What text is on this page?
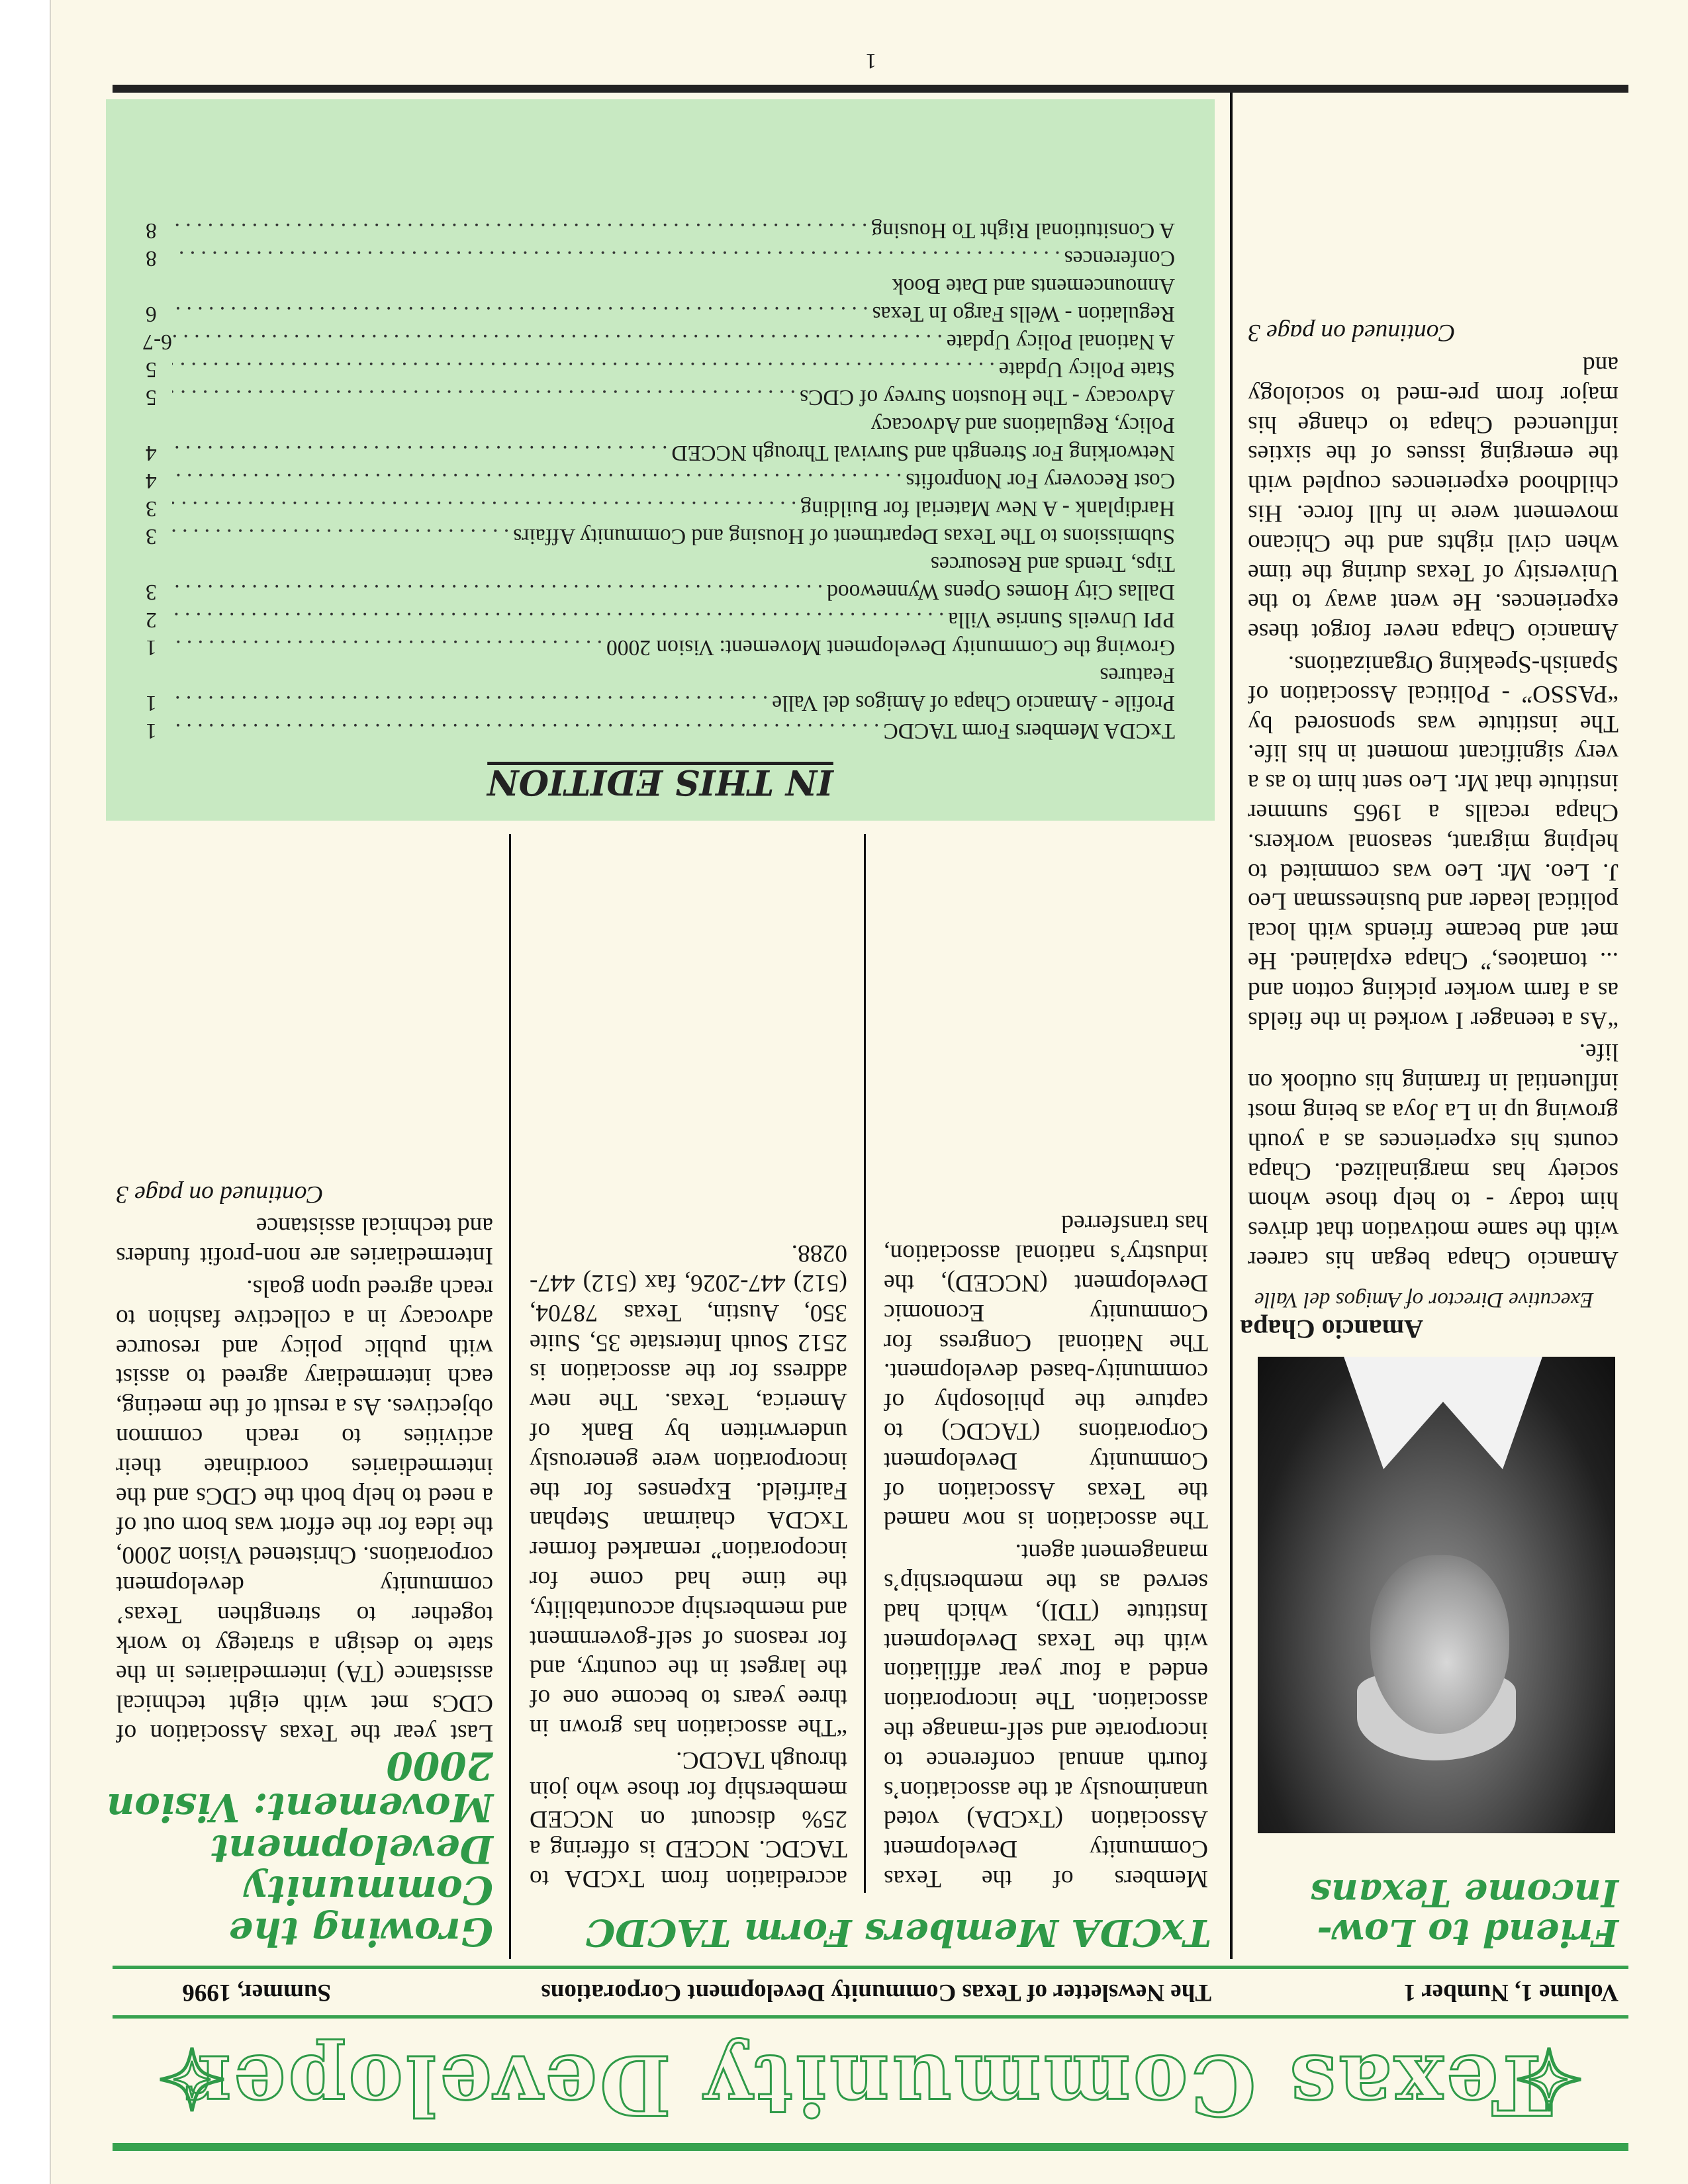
Texas Community Developer
Volume 1, Number 1
The Newsletter of Texas Community Development Corporations
Summer, 1996
Friend to Low-Income Texans
Amancio Chapa
Executive Director of Amigos del Valle

Amancio Chapa began his career with the same motivation that drives him today - to help those whom society has marginalized. Chapa counts his experiences as a youth growing up in La Joya as being most influential in framing his outlook on life.

“As a teenager I worked in the fields as a farm worker picking cotton and ... tomatoes,” Chapa explained. He met and became friends with local political leader and businessman Leo J. Leo. Mr. Leo was commited to helping migrant, seasonal workers. Chapa recalls a 1965 summer institute that Mr. Leo sent him to as a very significant moment in his life. The institute was sponsored by “PASSO” - Political Association of Spanish-Speaking Organizations.

Amancio Chapa never forgot these experiences. He went away to the University of Texas during the time when civil rights and the Chicano movement were in full force. His childhood experiences coupled with the emerging issues of the sixties influenced Chapa to change his major from pre-med to sociology and

Continued on page 3
TxCDA Members Form TACDC

Members of the Texas Community Development Association (TxCDA) voted unanimously at the association’s fourth annual conference to incorporate and self-manage the association. The incorporation ended a four year affiliation with the Texas Development Institute (TDI), which had served as the membership’s management agent.

The association is now named the Texas Association of Community Development Corporations (TACDC) to capture the philosophy of community-based development. The National Congress for Community Economic Development (NCCED), the industry’s national association, has transferred

accrediation from TxCDA to TACDC. NCCED is offering a 25% discount on NCCED membership for those who join through TACDC.

“The association has grown in three years to become one of the largest in the country, and for reasons of self-government and membership accountability, the time had come for incoporation” remarked former TxCDA chairman Stephan Fairfield. Expenses for the incorporation were generously underwritten by Bank of America, Texas. The new address for the association is 2512 South Interstate 35, Suite 350, Austin, Texas 78704, (512) 447-2026, fax (512) 447-0288.

Growing the Community Development Movement: Vision 2000

Last year the Texas Association of CDCs met with eight technical assistance (TA) intermediaries in the state to design a strategy to work together to strengthen Texas’ community development corporations. Christened Vision 2000, the idea for the effort was born out of a need to help both the CDCs and the intermediaries coordinate their activities to reach common objectives. As a result of the meeting, each intermediary agreed to assist with public policy and resource advocacy in a collective fashion to reach agreed upon goals.

Intermediaries are non-profit funders and technical assistance

Continued on page 3
IN THIS EDITION
TxCDA Members Form TACDC
. . .
1
Profile - Amancio Chapa of Amigos del Valle
. . .
1
Features
Growing the Community Development Movement: Vision 2000
. . .
1
PPI Unveils Sunrise Villa
. . .
2
Dallas City Homes Opens Wynnewood
. . .
3
Tips, Trends and Resources
Submissions to The Texas Department of Housing and Community Affairs
. . .
3
Hardiplank - A New Material for Building
. . .
3
Cost Recovery For Nonprofits
. . .
4
Networking For Strength and Survival Through NCCED
. . .
4
Policy, Regulations and Advocacy
Advocacy - The Houston Survey of CDCs
. . .
5
State Policy Update
. . .
5
A National Policy Update
. . .
6-7
Regulation - Wells Fargo In Texas
. . .
6
Announcements and Date Book
Conferences
. . .
8
A Consitutional Right To Housing
. . .
8
1
